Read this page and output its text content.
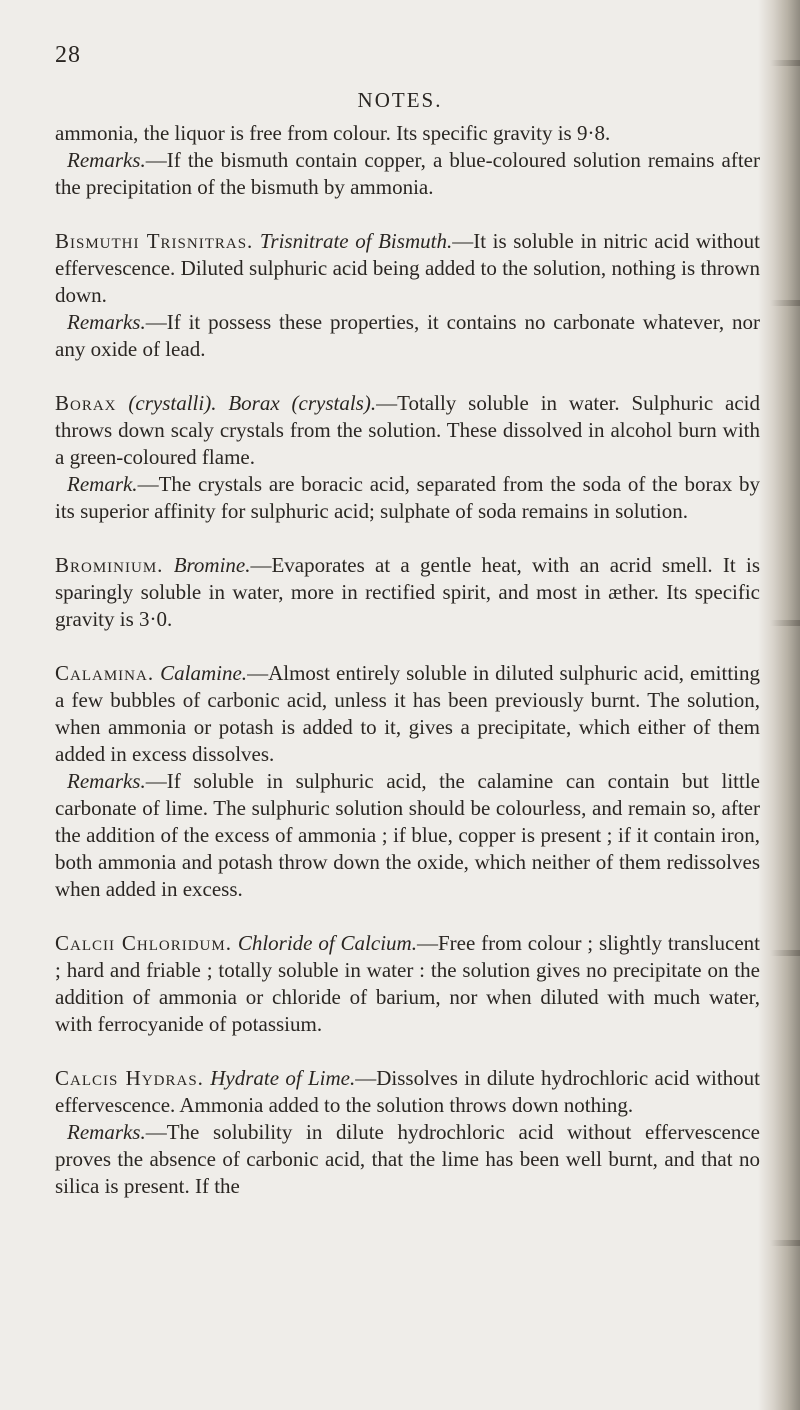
28
NOTES.

ammonia, the liquor is free from colour. Its specific gravity is 9·8.

Remarks.—If the bismuth contain copper, a blue-coloured solution remains after the precipitation of the bismuth by ammonia.

Bismuthi Trisnitras. Trisnitrate of Bismuth.—It is soluble in nitric acid without effervescence. Diluted sulphuric acid being added to the solution, nothing is thrown down.

Remarks.—If it possess these properties, it contains no carbonate whatever, nor any oxide of lead.

Borax (crystalli). Borax (crystals).—Totally soluble in water. Sulphuric acid throws down scaly crystals from the solution. These dissolved in alcohol burn with a green-coloured flame.

Remark.—The crystals are boracic acid, separated from the soda of the borax by its superior affinity for sulphuric acid; sulphate of soda remains in solution.

Brominium. Bromine.—Evaporates at a gentle heat, with an acrid smell. It is sparingly soluble in water, more in rectified spirit, and most in æther. Its specific gravity is 3·0.

Calamina. Calamine.—Almost entirely soluble in diluted sulphuric acid, emitting a few bubbles of carbonic acid, unless it has been previously burnt. The solution, when ammonia or potash is added to it, gives a precipitate, which either of them added in excess dissolves.

Remarks.—If soluble in sulphuric acid, the calamine can contain but little carbonate of lime. The sulphuric solution should be colourless, and remain so, after the addition of the excess of ammonia ; if blue, copper is present ; if it contain iron, both ammonia and potash throw down the oxide, which neither of them redissolves when added in excess.

Calcii Chloridum. Chloride of Calcium.—Free from colour ; slightly translucent ; hard and friable ; totally soluble in water : the solution gives no precipitate on the addition of ammonia or chloride of barium, nor when diluted with much water, with ferrocyanide of potassium.

Calcis Hydras. Hydrate of Lime.—Dissolves in dilute hydrochloric acid without effervescence. Ammonia added to the solution throws down nothing.

Remarks.—The solubility in dilute hydrochloric acid without effervescence proves the absence of carbonic acid, that the lime has been well burnt, and that no silica is present. If the
